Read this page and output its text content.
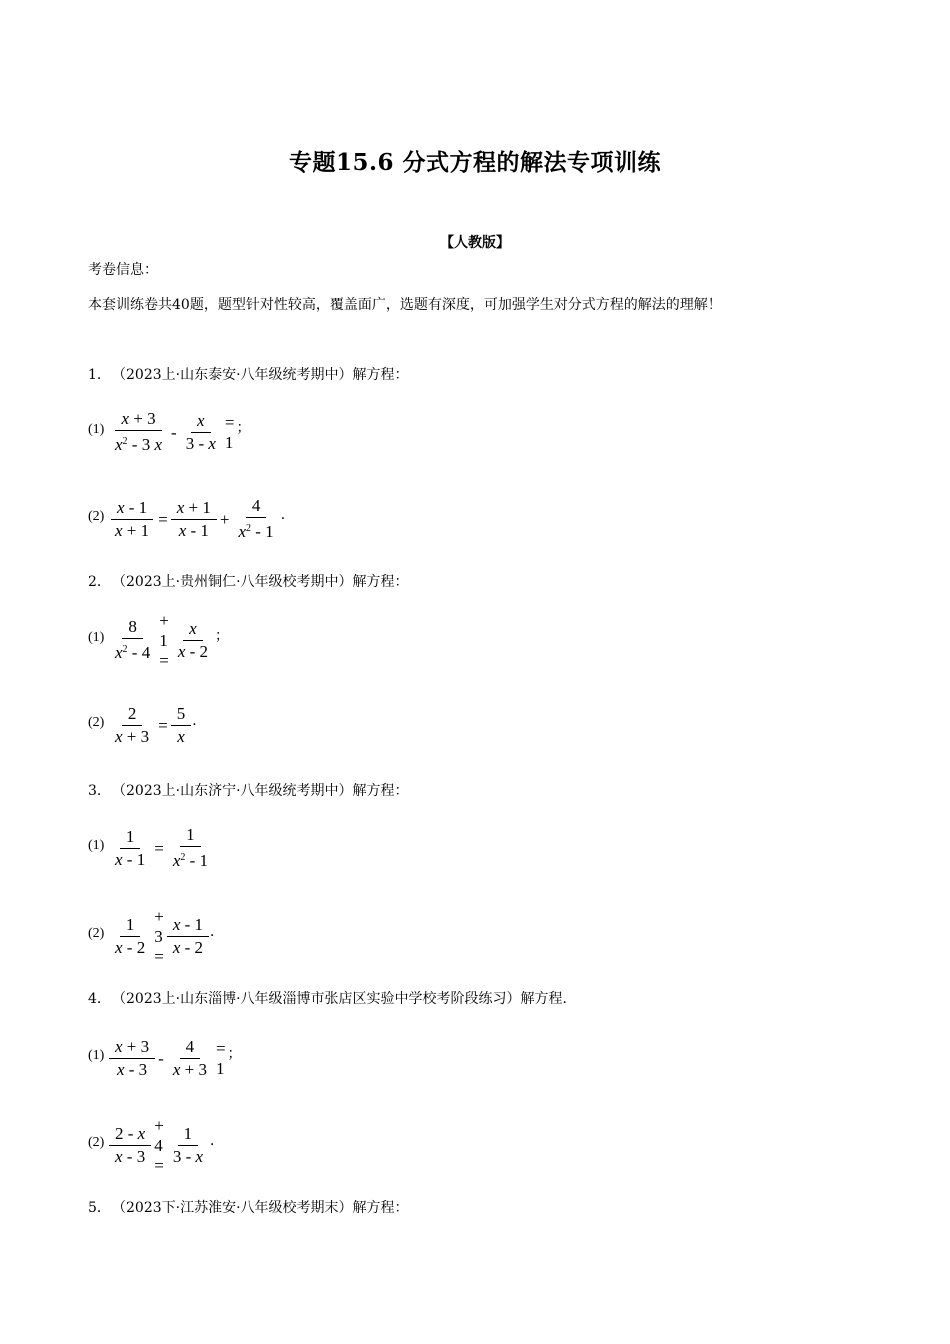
专题15.6 分式方程的解法专项训练
【人教版】
考卷信息：
本套训练卷共40题，题型针对性较高，覆盖面广，选题有深度，可加强学生对分式方程的解法的理解！
1．（2023上·山东泰安·八年级统考期中）解方程：
$(1) \frac{x + 3}{x^2 - 3 x} - \frac{x}{3 - x} = 1$
；
$(2) \frac{x - 1}{x + 1} = \frac{x + 1}{x - 1} + \frac{4}{x^2 - 1}$ ．
2．（2023上·贵州铜仁·八年级校考期中）解方程：
$(1) \frac{8}{x^2 - 4} + 1 = \frac{x}{x - 2}$ ；
$(2) \frac{2}{x + 3} = \frac{5}{x}$ ．
3．（2023上·山东济宁·八年级统考期中）解方程：
$(1) \frac{1}{x - 1} = \frac{1}{x^2 - 1}$
$(2) \frac{1}{x - 2} + 3 = \frac{x - 1}{x - 2}$ ．
4．（2023上·山东淄博·八年级淄博市张店区实验中学校考阶段练习）解方程．
$(1) \frac{x + 3}{x - 3} - \frac{4}{x + 3} = 1$
；
$(2) \frac{2 - x}{x - 3} + 4 = \frac{1}{3 - x}$ ．
5．（2023下·江苏淮安·八年级校考期末）解方程：
